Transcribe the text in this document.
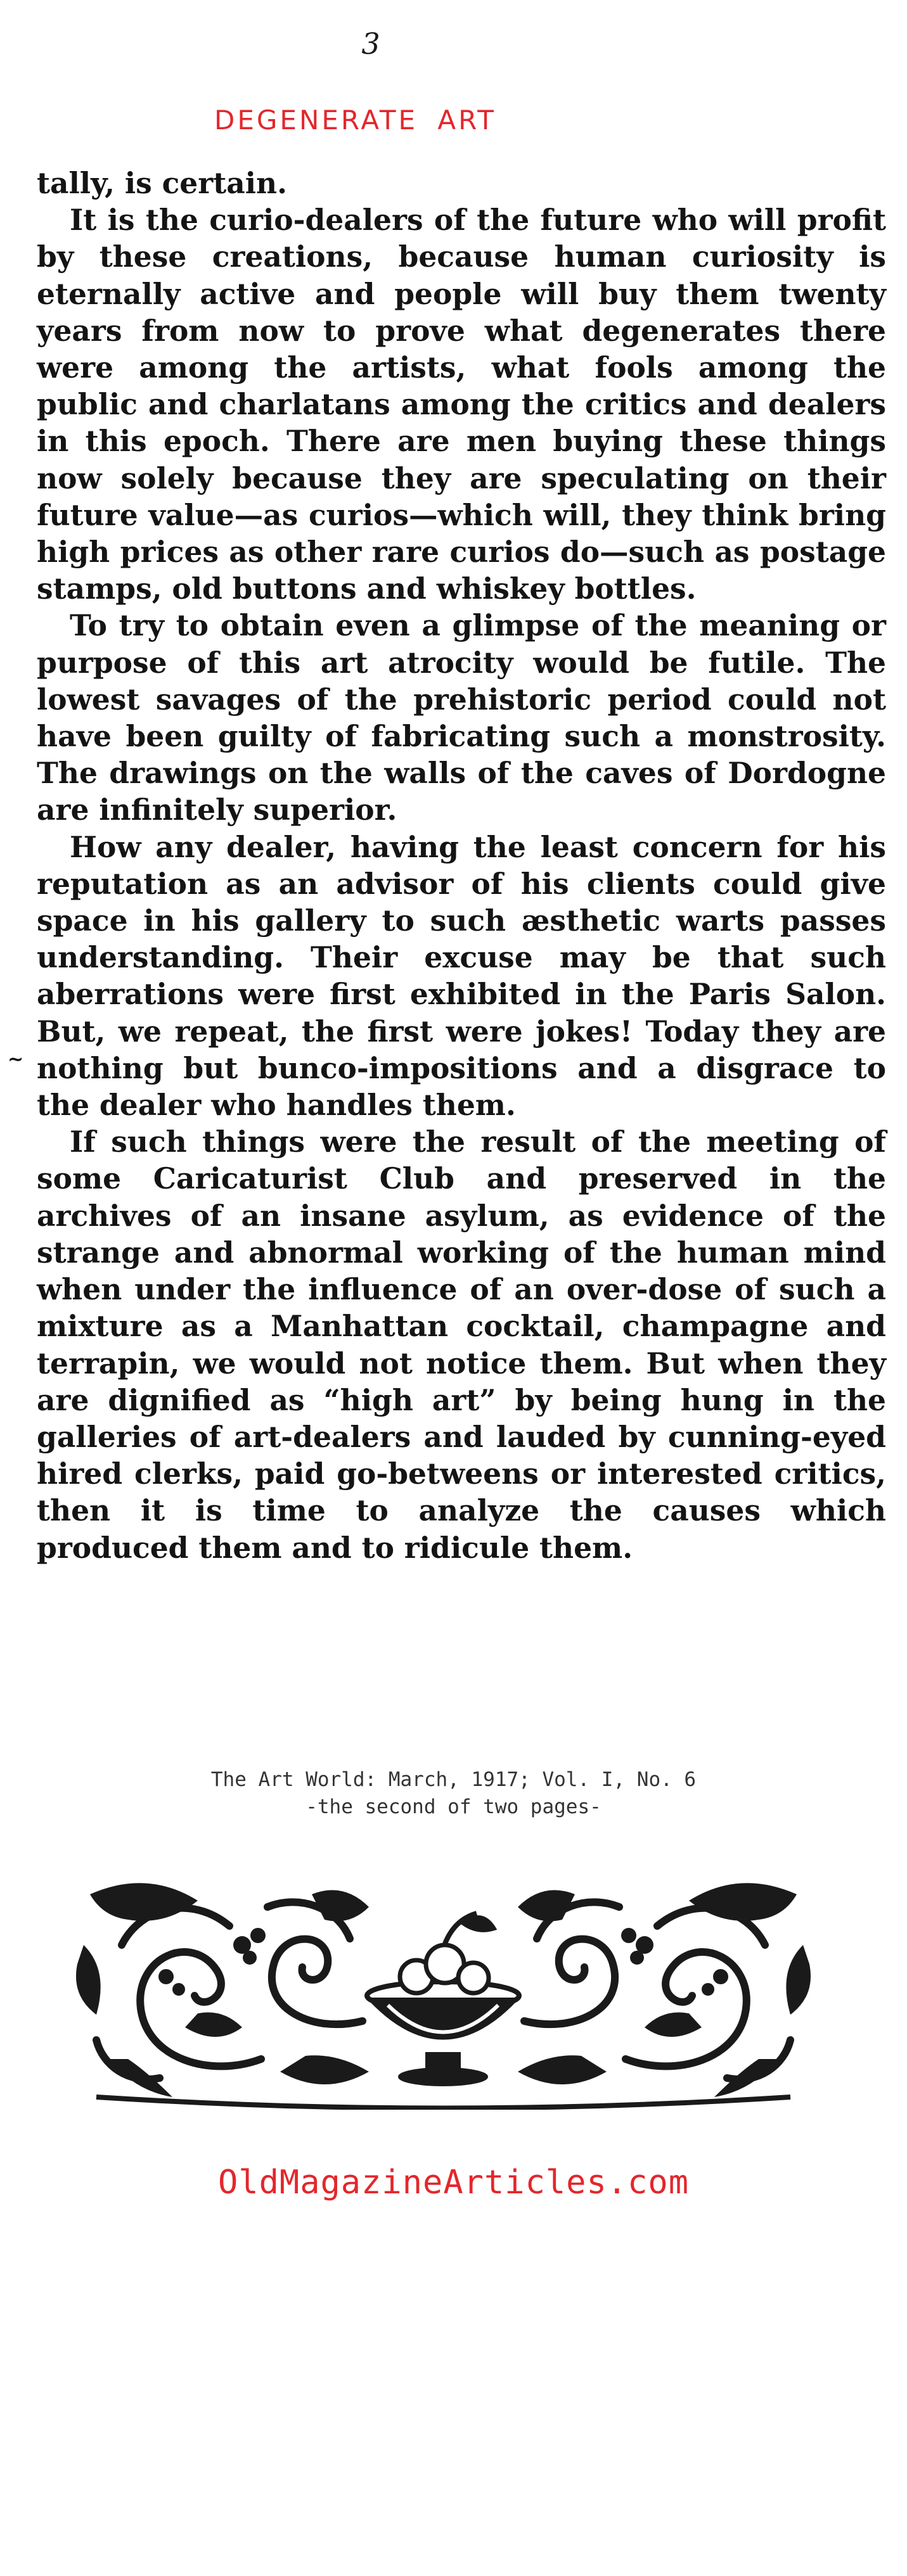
3
DEGENERATE ART
~

tally, is certain.

It is the curio-dealers of the future who will profit by these creations, because human curiosity is eternally active and people will buy them twenty years from now to prove what degenerates there were among the artists, what fools among the public and charlatans among the critics and dealers in this epoch. There are men buying these things now solely because they are speculating on their future value—as curios—which will, they think bring high prices as other rare curios do—such as postage stamps, old buttons and whiskey bottles.

To try to obtain even a glimpse of the meaning or purpose of this art atrocity would be futile. The lowest savages of the prehistoric period could not have been guilty of fabricating such a monstrosity. The drawings on the walls of the caves of Dordogne are infinitely superior.

How any dealer, having the least concern for his reputation as an advisor of his clients could give space in his gallery to such æsthetic warts passes understanding. Their excuse may be that such aberrations were first exhibited in the Paris Salon. But, we repeat, the first were jokes! Today they are nothing but bunco-impositions and a disgrace to the dealer who handles them.

If such things were the result of the meeting of some Caricaturist Club and preserved in the archives of an insane asylum, as evidence of the strange and abnormal working of the human mind when under the influence of an over-dose of such a mixture as a Manhattan cocktail, champagne and terrapin, we would not notice them. But when they are dignified as “high art” by being hung in the galleries of art-dealers and lauded by cunning-eyed hired clerks, paid go-betweens or interested critics, then it is time to analyze the causes which produced them and to ridicule them.

The Art World: March, 1917; Vol. I, No. 6
-the second of two pages-
OldMagazineArticles.com
